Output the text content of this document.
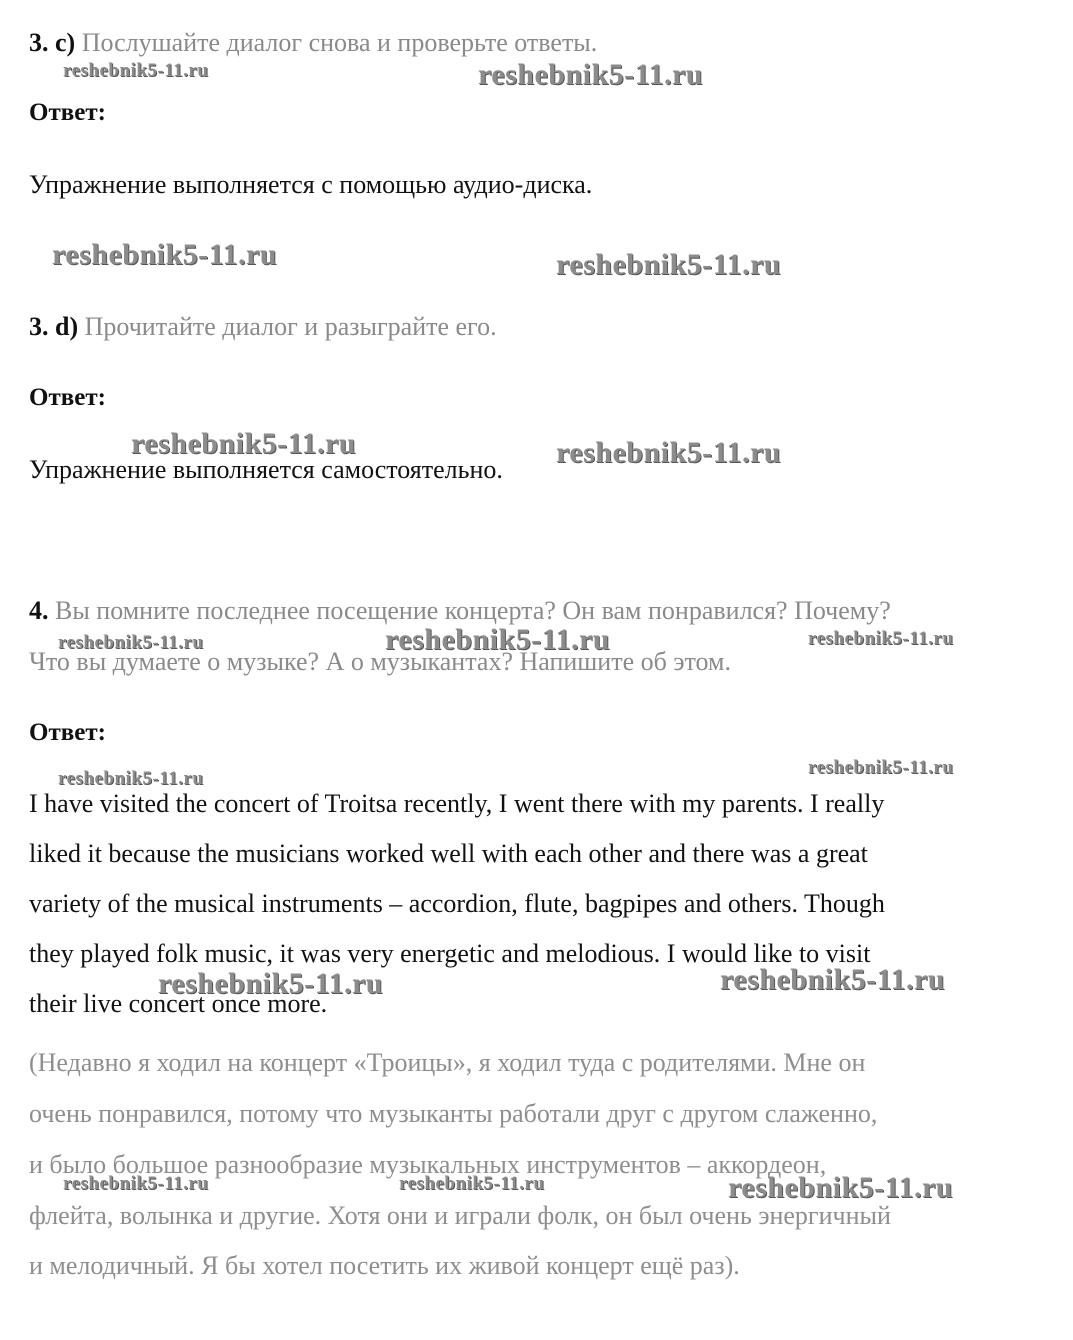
3. c) Послушайте диалог снова и проверьте ответы.
Ответ:
Упражнение выполняется с помощью аудио-диска.
3. d) Прочитайте диалог и разыграйте его.
Ответ:
Упражнение выполняется самостоятельно.
4. Вы помните последнее посещение концерта? Он вам понравился? Почему?
Что вы думаете о музыке? А о музыкантах? Напишите об этом.
Ответ:
I have visited the concert of Troitsa recently, I went there with my parents. I really
liked it because the musicians worked well with each other and there was a great
variety of the musical instruments – accordion, flute, bagpipes and others. Though
they played folk music, it was very energetic and melodious. I would like to visit
their live concert once more.
(Недавно я ходил на концерт «Троицы», я ходил туда с родителями. Мне он
очень понравился, потому что музыканты работали друг с другом слаженно,
и было большое разнообразие музыкальных инструментов – аккордеон,
флейта, волынка и другие. Хотя они и играли фолк, он был очень энергичный
и мелодичный. Я бы хотел посетить их живой концерт ещё раз).
reshebnik5-11.ru	reshebnik5-11.ru
reshebnik5-11.ru	reshebnik5-11.ru
reshebnik5-11.ru	reshebnik5-11.ru
reshebnik5-11.ru	reshebnik5-11.ru	reshebnik5-11.ru
reshebnik5-11.ru
reshebnik5-11.ru
reshebnik5-11.ru	reshebnik5-11.ru
reshebnik5-11.ru	reshebnik5-11.ru	reshebnik5-11.ru
